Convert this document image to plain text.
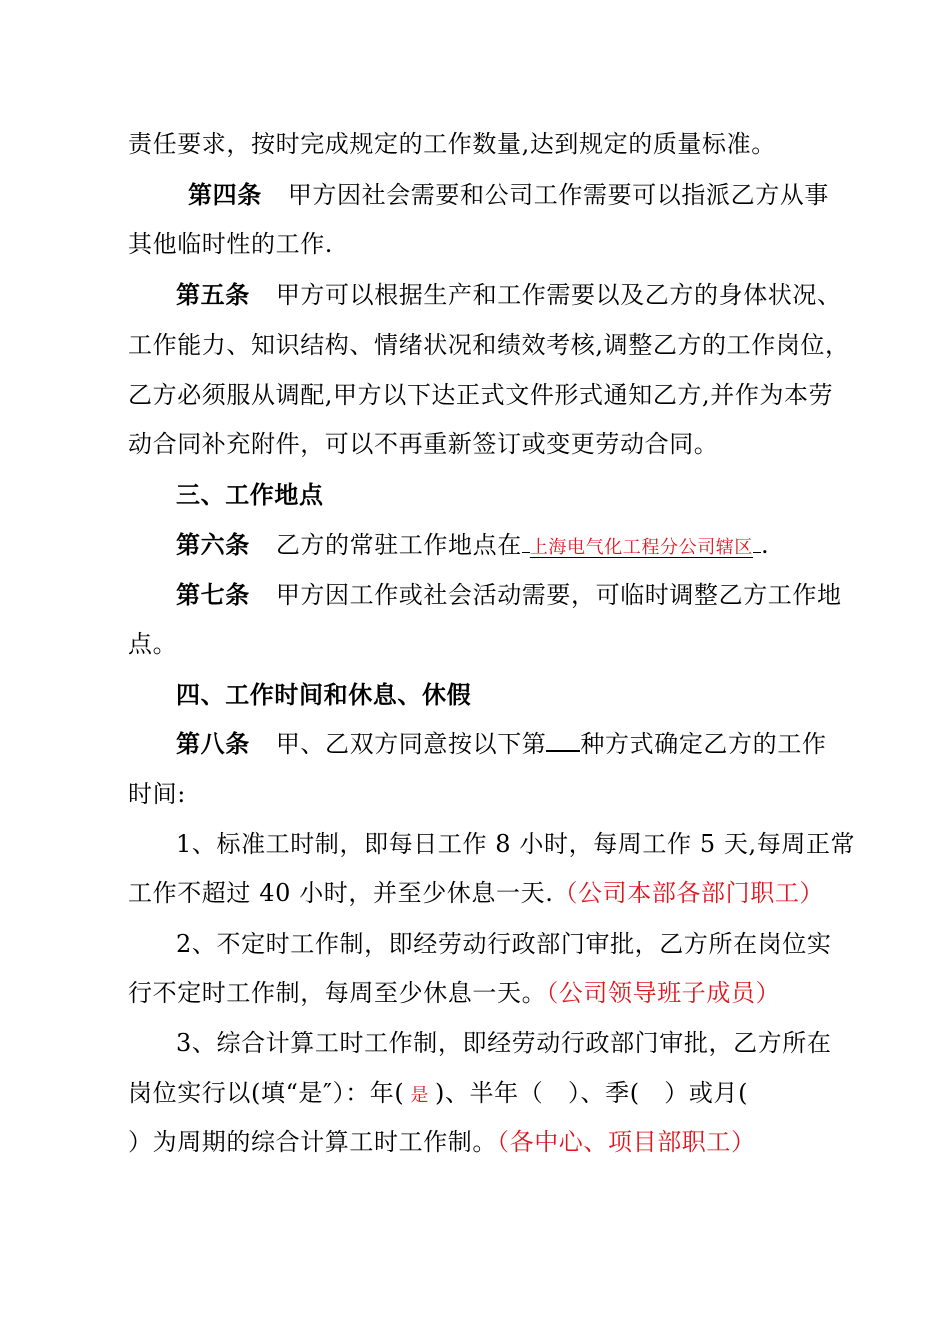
责任要求，按时完成规定的工作数量,达到规定的质量标准。
第四条 甲方因社会需要和公司工作需要可以指派乙方从事
其他临时性的工作.
第五条 甲方可以根据生产和工作需要以及乙方的身体状况、
工作能力、知识结构、情绪状况和绩效考核,调整乙方的工作岗位，
乙方必须服从调配,甲方以下达正式文件形式通知乙方,并作为本劳
动合同补充附件，可以不再重新签订或变更劳动合同。
三、工作地点
第六条 乙方的常驻工作地点在 上海电气化工程分公司辖区 .
第七条 甲方因工作或社会活动需要，可临时调整乙方工作地
点。
四、工作时间和休息、休假
第八条 甲、乙双方同意按以下第 种方式确定乙方的工作
时间:
1、标准工时制，即每日工作 8 小时，每周工作 5 天,每周正常
工作不超过 40 小时，并至少休息一天.（公司本部各部门职工）
2、不定时工作制，即经劳动行政部门审批，乙方所在岗位实
行不定时工作制，每周至少休息一天。（公司领导班子成员）
3、综合计算工时工作制，即经劳动行政部门审批，乙方所在
岗位实行以(填“是″）：年( 是 )、半年（　）、季(　）或月(
）为周期的综合计算工时工作制。（各中心、项目部职工）
